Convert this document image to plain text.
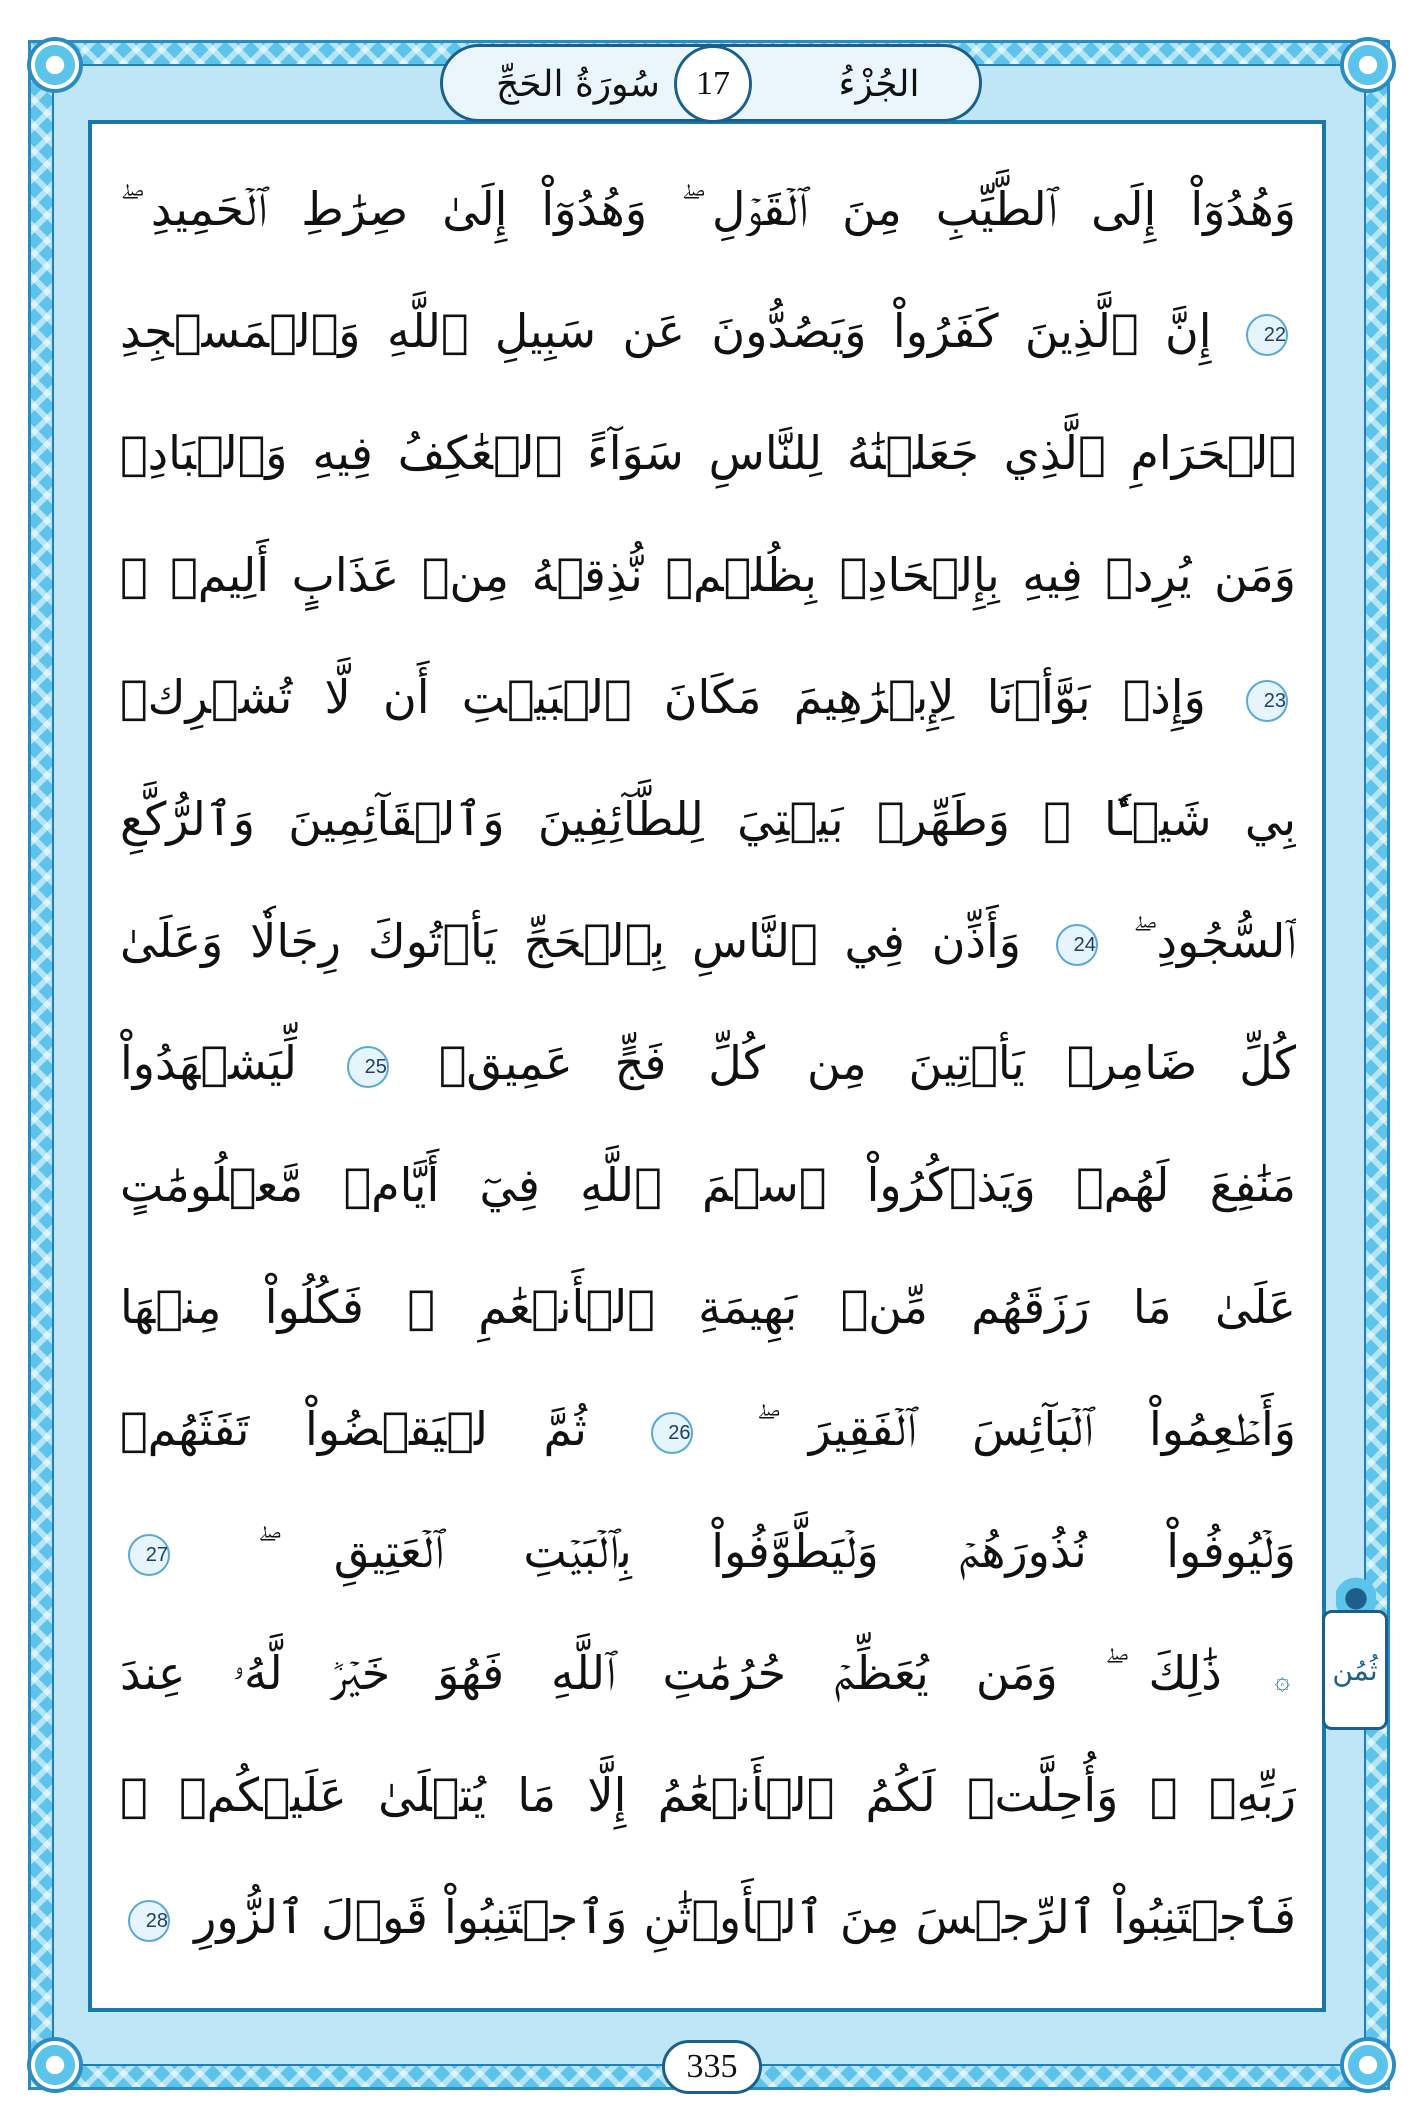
سُورَةُ الحَجِّ	17	الجُزْءُ
وَهُدُوٓاْ إِلَى ٱلطَّيِّبِ مِنَ ٱلۡقَوۡلِ ۖ وَهُدُوٓاْ إِلَىٰ صِرَٰطِ ٱلۡحَمِيدِ ۖ
22 إِنَّ ٱلَّذِينَ كَفَرُواْ وَيَصُدُّونَ عَن سَبِيلِ ٱللَّهِ وَٱلۡمَسۡجِدِ
ٱلۡحَرَامِ ٱلَّذِي جَعَلۡنَٰهُ لِلنَّاسِ سَوَآءً ٱلۡعَٰكِفُ فِيهِ وَٱلۡبَادِۚ
وَمَن يُرِدۡ فِيهِ بِإِلۡحَادِۭ بِظُلۡمٖ نُّذِقۡهُ مِنۡ عَذَابٍ أَلِيمٖ ۖ
23 وَإِذۡ بَوَّأۡنَا لِإِبۡرَٰهِيمَ مَكَانَ ٱلۡبَيۡتِ أَن لَّا تُشۡرِكۡ
بِي شَيۡـٔٗا ۖ وَطَهِّرۡ بَيۡتِيَ لِلطَّآئِفِينَ وَٱلۡقَآئِمِينَ وَٱلرُّكَّعِ
ٱلسُّجُودِ ۖ 24 وَأَذِّن فِي ٱلنَّاسِ بِٱلۡحَجِّ يَأۡتُوكَ رِجَالٗا وَعَلَىٰ
كُلِّ ضَامِرٖ يَأۡتِينَ مِن كُلِّ فَجٍّ عَمِيقٖ 25 لِّيَشۡهَدُواْ
مَنَٰفِعَ لَهُمۡ وَيَذۡكُرُواْ ٱسۡمَ ٱللَّهِ فِيٓ أَيَّامٖ مَّعۡلُومَٰتٍ
عَلَىٰ مَا رَزَقَهُم مِّنۢ بَهِيمَةِ ٱلۡأَنۡعَٰمِ ۖ فَكُلُواْ مِنۡهَا
وَأَطۡعِمُواْ ٱلۡبَآئِسَ ٱلۡفَقِيرَ ۖ 26 ثُمَّ لۡيَقۡضُواْ تَفَثَهُمۡ
وَلۡيُوفُواْ نُذُورَهُمۡ وَلۡيَطَّوَّفُواْ بِٱلۡبَيۡتِ ٱلۡعَتِيقِ ۖ 27
۞ ذَٰلِكَ ۖ وَمَن يُعَظِّمۡ حُرُمَٰتِ ٱللَّهِ فَهُوَ خَيۡرٞ لَّهُۥ عِندَ
رَبِّهِۦ ۖ وَأُحِلَّتۡ لَكُمُ ٱلۡأَنۡعَٰمُ إِلَّا مَا يُتۡلَىٰ عَلَيۡكُمۡ ۖ
فَٱجۡتَنِبُواْ ٱلرِّجۡسَ مِنَ ٱلۡأَوۡثَٰنِ وَٱجۡتَنِبُواْ قَوۡلَ ٱلزُّورِ 28
ثُمُن
335
